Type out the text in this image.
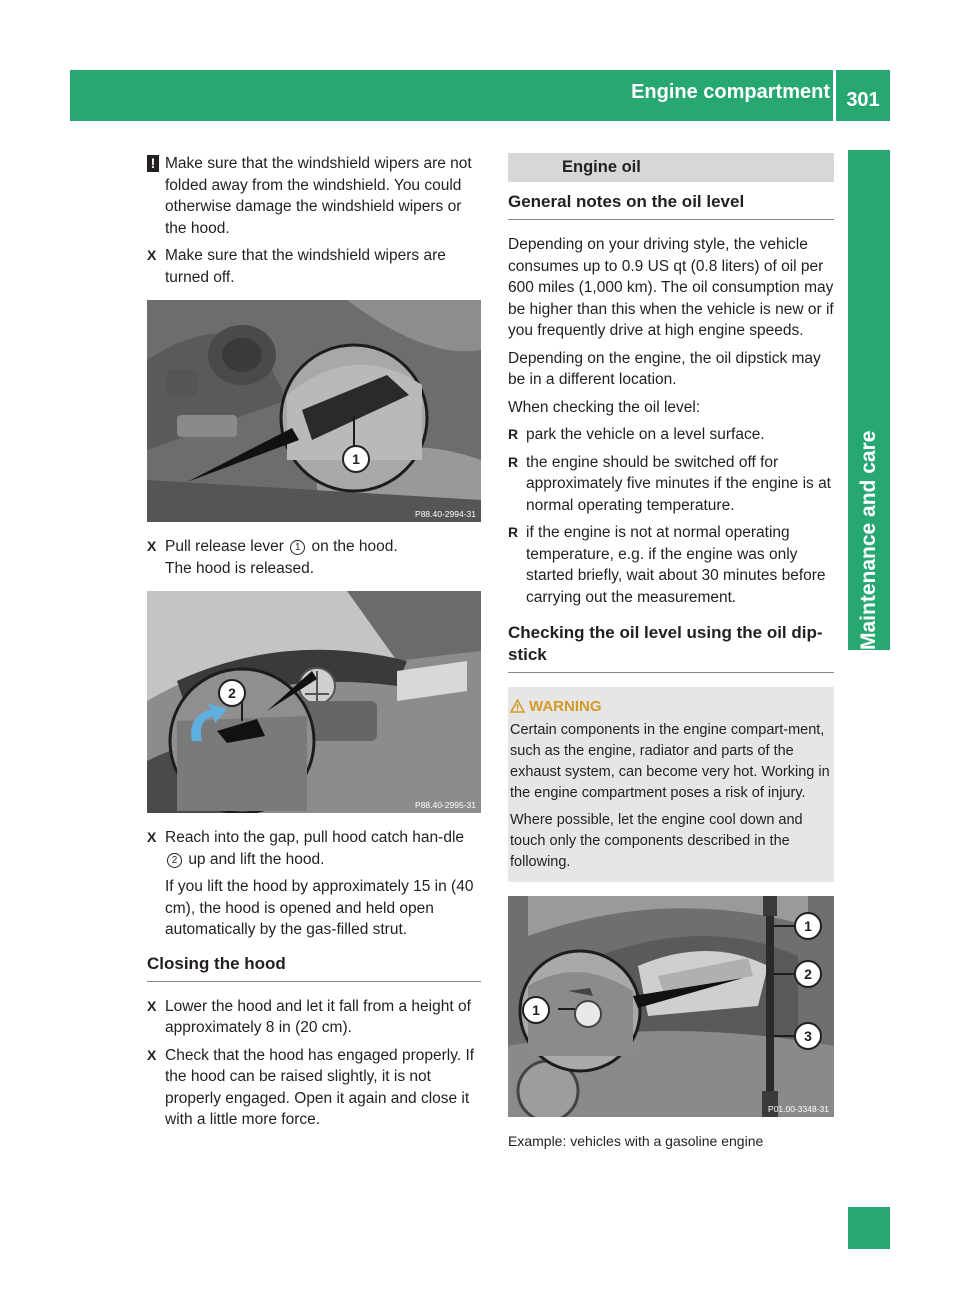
Engine compartment 301
Maintenance and care
! Make sure that the windshield wipers are not folded away from the windshield. You could otherwise damage the windshield wipers or the hood.
X Make sure that the windshield wipers are turned off.
1
P88.40-2994-31
X Pull release lever 1 on the hood.
The hood is released.
2
P88.40-2995-31
X Reach into the gap, pull hood catch han-dle 2 up and lift the hood.

If you lift the hood by approximately 15 in (40 cm), the hood is opened and held open automatically by the gas-filled strut.

Closing the hood
X Lower the hood and let it fall from a height of approximately 8 in (20 cm).
X Check that the hood has engaged properly. If the hood can be raised slightly, it is not properly engaged. Open it again and close it with a little more force.
Engine oil
General notes on the oil level

Depending on your driving style, the vehicle consumes up to 0.9 US qt (0.8 liters) of oil per 600 miles (1,000 km). The oil consumption may be higher than this when the vehicle is new or if you frequently drive at high engine speeds.

Depending on the engine, the oil dipstick may be in a different location.

When checking the oil level:

R park the vehicle on a level surface.
R the engine should be switched off for approximately five minutes if the engine is at normal operating temperature.
R if the engine is not at normal operating temperature, e.g. if the engine was only started briefly, wait about 30 minutes before carrying out the measurement.
Checking the oil level using the oil dip-stick
WARNING

Certain components in the engine compart-ment, such as the engine, radiator and parts of the exhaust system, can become very hot. Working in the engine compartment poses a risk of injury.

Where possible, let the engine cool down and touch only the components described in the following.

1
1
2
3
P01.00-3348-31
Example: vehicles with a gasoline engine
